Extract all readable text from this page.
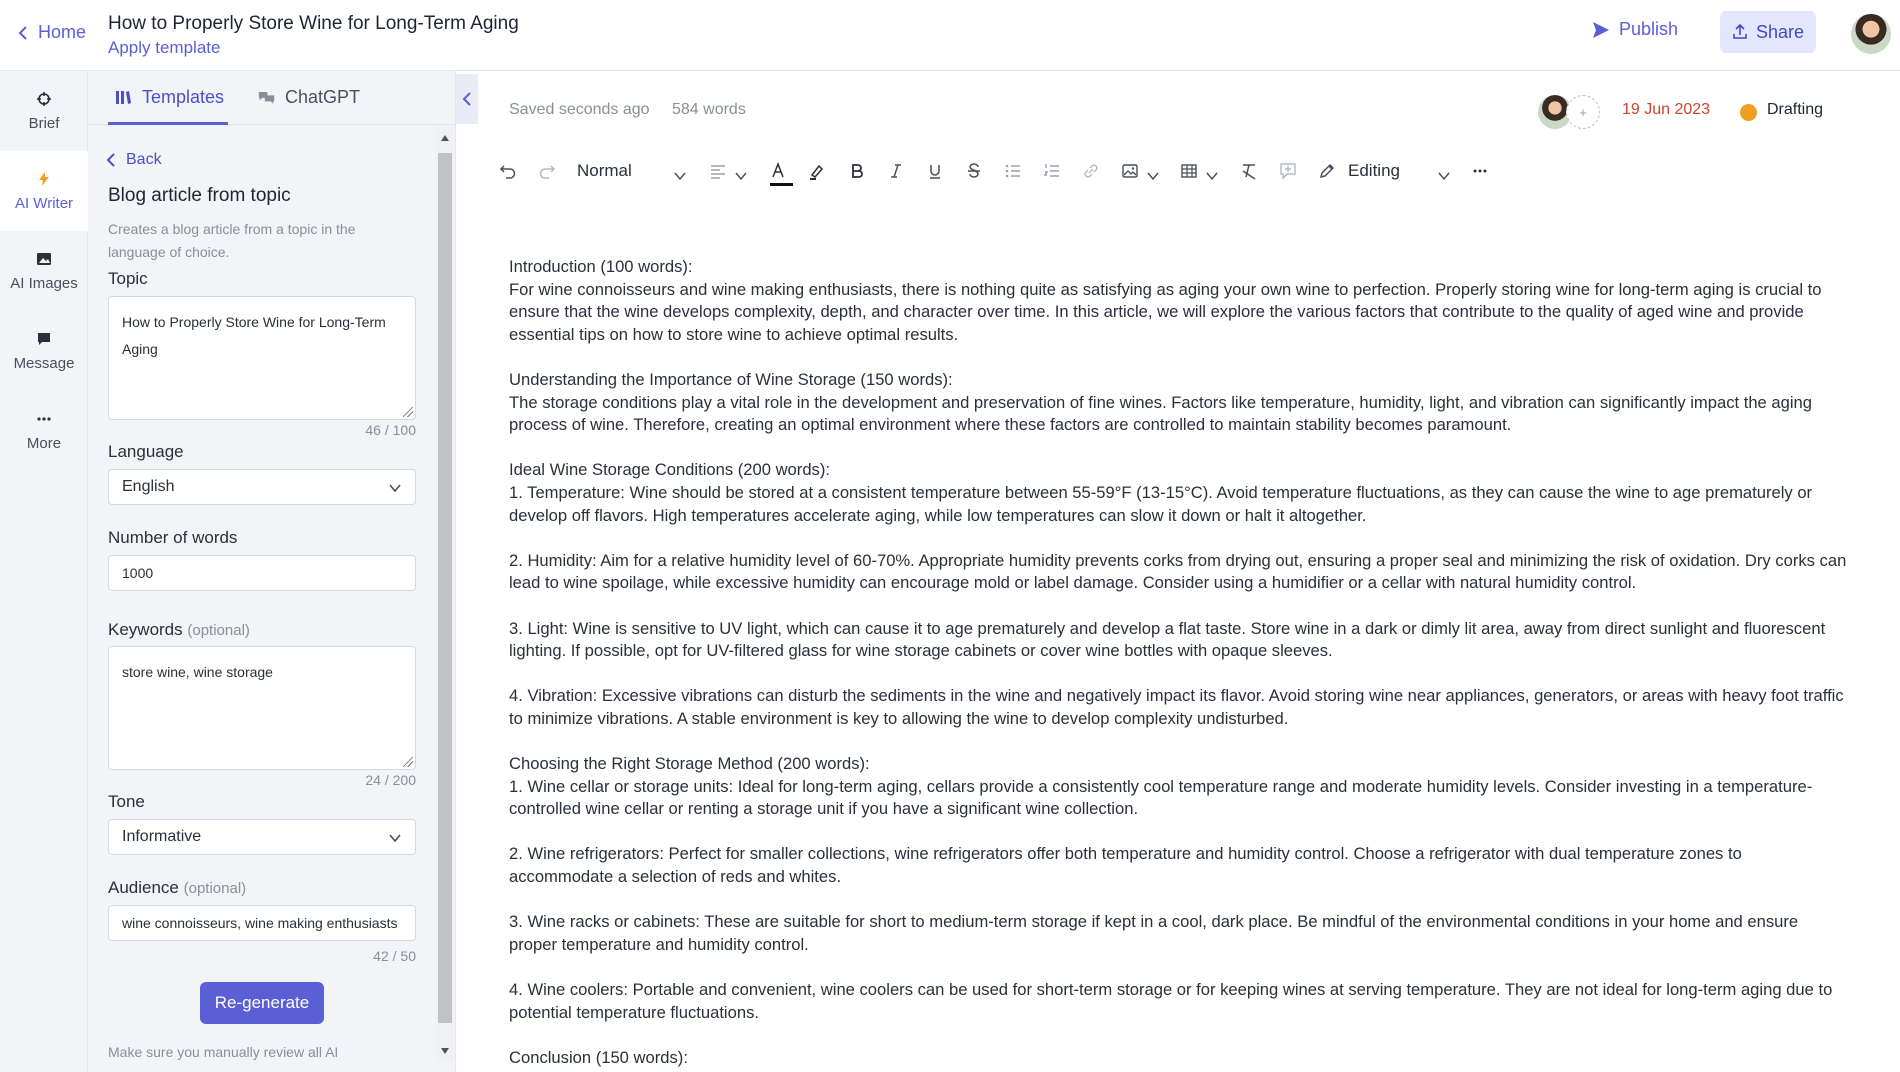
Home How to Properly Store Wine for Long-Term Aging
Apply template
Publish	Share
Brief
AI Writer
AI Images
Message
More
Templates	ChatGPT
Back
Blog article from topic
Creates a blog article from a topic in the language of choice.
Topic
How to Properly Store Wine for Long-Term Aging
46 / 100
Language
English
Number of words
1000
Keywords (optional)
store wine, wine storage
24 / 200
Tone
Informative
Audience (optional)
wine connoisseurs, wine making enthusiasts
42 / 50
Re-generate
Make sure you manually review all AI
Saved seconds ago 584 words	+ 19 Jun 2023	Drafting
Normal	Editing

Introduction (100 words):

For wine connoisseurs and wine making enthusiasts, there is nothing quite as satisfying as aging your own wine to perfection. Properly storing wine for long-term aging is crucial to ensure that the wine develops complexity, depth, and character over time. In this article, we will explore the various factors that contribute to the quality of aged wine and provide essential tips on how to store wine to achieve optimal results.

Understanding the Importance of Wine Storage (150 words):

The storage conditions play a vital role in the development and preservation of fine wines. Factors like temperature, humidity, light, and vibration can significantly impact the aging process of wine. Therefore, creating an optimal environment where these factors are controlled to maintain stability becomes paramount.

Ideal Wine Storage Conditions (200 words):

1. Temperature: Wine should be stored at a consistent temperature between 55-59°F (13-15°C). Avoid temperature fluctuations, as they can cause the wine to age prematurely or develop off flavors. High temperatures accelerate aging, while low temperatures can slow it down or halt it altogether.

2. Humidity: Aim for a relative humidity level of 60-70%. Appropriate humidity prevents corks from drying out, ensuring a proper seal and minimizing the risk of oxidation. Dry corks can lead to wine spoilage, while excessive humidity can encourage mold or label damage. Consider using a humidifier or a cellar with natural humidity control.

3. Light: Wine is sensitive to UV light, which can cause it to age prematurely and develop a flat taste. Store wine in a dark or dimly lit area, away from direct sunlight and fluorescent lighting. If possible, opt for UV-filtered glass for wine storage cabinets or cover wine bottles with opaque sleeves.

4. Vibration: Excessive vibrations can disturb the sediments in the wine and negatively impact its flavor. Avoid storing wine near appliances, generators, or areas with heavy foot traffic to minimize vibrations. A stable environment is key to allowing the wine to develop complexity undisturbed.

Choosing the Right Storage Method (200 words):

1. Wine cellar or storage units: Ideal for long-term aging, cellars provide a consistently cool temperature range and moderate humidity levels. Consider investing in a temperature-controlled wine cellar or renting a storage unit if you have a significant wine collection.

2. Wine refrigerators: Perfect for smaller collections, wine refrigerators offer both temperature and humidity control. Choose a refrigerator with dual temperature zones to accommodate a selection of reds and whites.

3. Wine racks or cabinets: These are suitable for short to medium-term storage if kept in a cool, dark place. Be mindful of the environmental conditions in your home and ensure proper temperature and humidity control.

4. Wine coolers: Portable and convenient, wine coolers can be used for short-term storage or for keeping wines at serving temperature. They are not ideal for long-term aging due to potential temperature fluctuations.

Conclusion (150 words):
